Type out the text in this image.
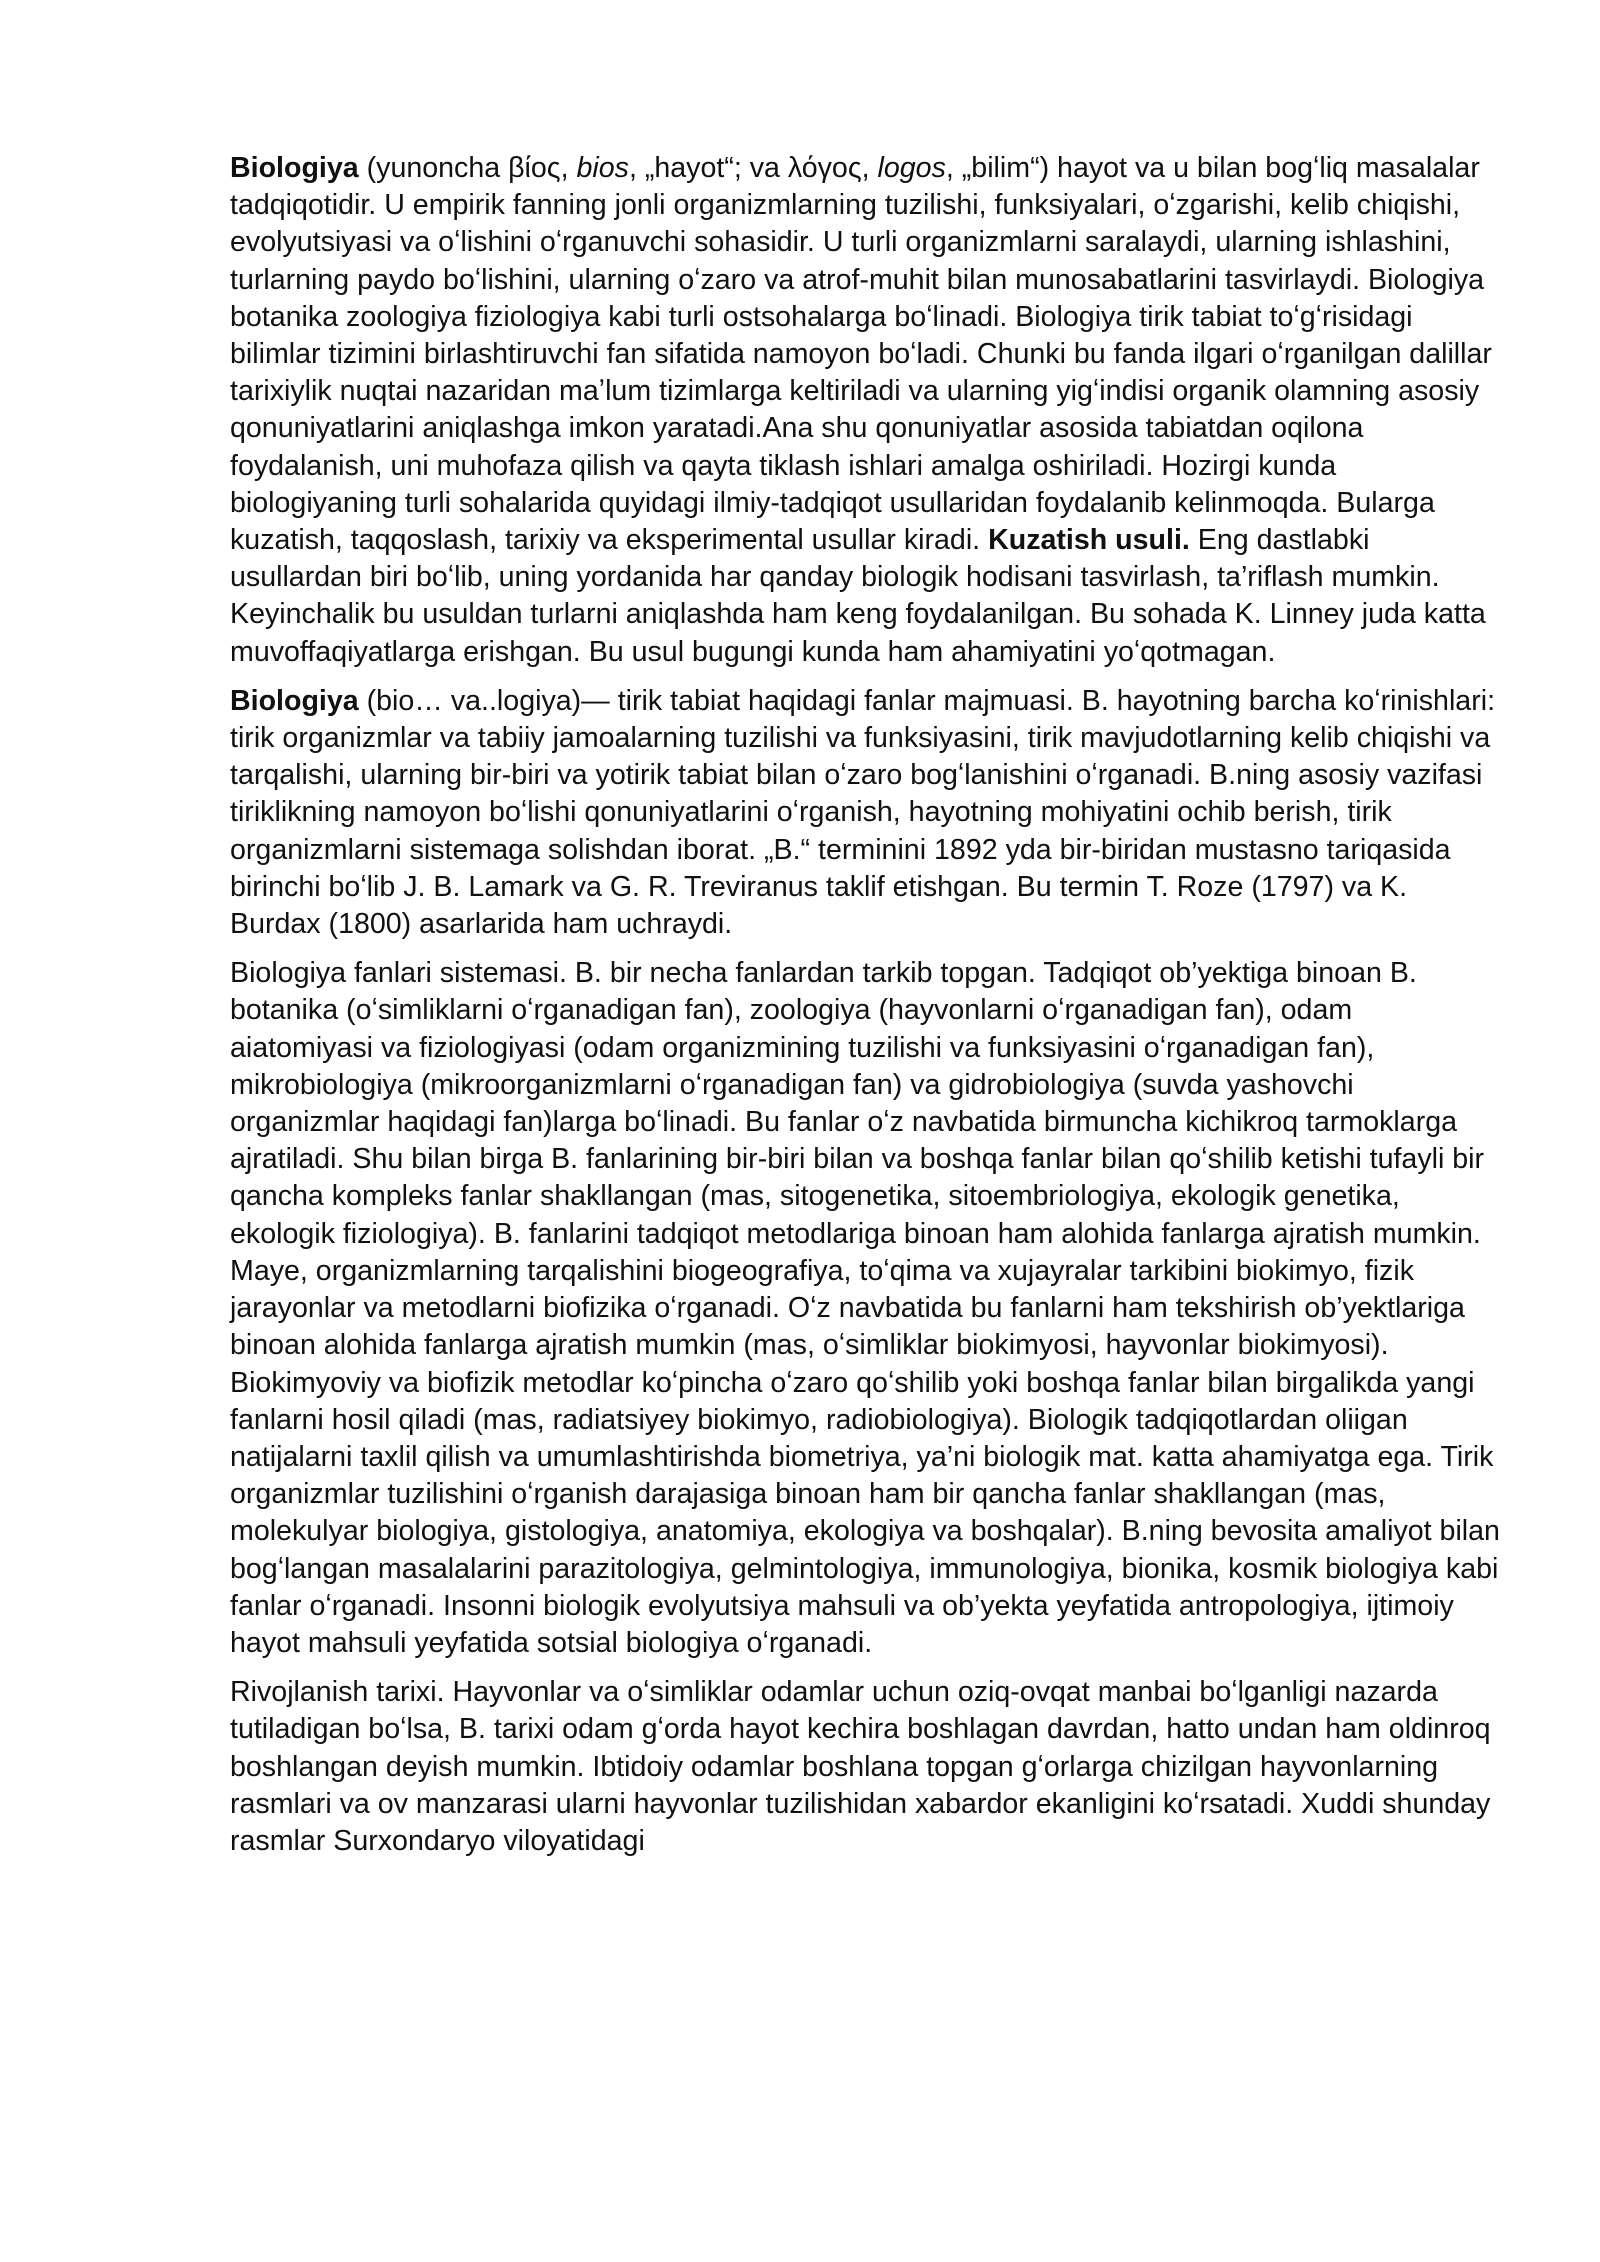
Biologiya (yunoncha βίος, bios, „hayot“; va λόγος, logos, „bilim“) hayot va u bilan bogʻliq masalalar tadqiqotidir. U empirik fanning jonli organizmlarning tuzilishi, funksiyalari, oʻzgarishi, kelib chiqishi, evolyutsiyasi va oʻlishini oʻrganuvchi sohasidir. U turli organizmlarni saralaydi, ularning ishlashini, turlarning paydo boʻlishini, ularning oʻzaro va atrof-muhit bilan munosabatlarini tasvirlaydi. Biologiya botanika zoologiya fiziologiya kabi turli ostsohalarga boʻlinadi. Biologiya tirik tabiat toʻgʻrisidagi bilimlar tizimini birlashtiruvchi fan sifatida namoyon boʻladi. Chunki bu fanda ilgari oʻrganilgan dalillar tarixiylik nuqtai nazaridan maʼlum tizimlarga keltiriladi va ularning yigʻindisi organik olamning asosiy qonuniyatlarini aniqlashga imkon yaratadi.Ana shu qonuniyatlar asosida tabiatdan oqilona foydalanish, uni muhofaza qilish va qayta tiklash ishlari amalga oshiriladi. Hozirgi kunda biologiyaning turli sohalarida quyidagi ilmiy-tadqiqot usullaridan foydalanib kelinmoqda. Bularga kuzatish, taqqoslash, tarixiy va eksperimental usullar kiradi. Kuzatish usuli. Eng dastlabki usullardan biri boʻlib, uning yordanida har qanday biologik hodisani tasvirlash, ta’riflash mumkin. Keyinchalik bu usuldan turlarni aniqlashda ham keng foydalanilgan. Bu sohada K. Linney juda katta muvoffaqiyatlarga erishgan. Bu usul bugungi kunda ham ahamiyatini yoʻqotmagan.

Biologiya (bio… va..logiya)— tirik tabiat haqidagi fanlar majmuasi. B. hayotning barcha koʻrinishlari: tirik organizmlar va tabiiy jamoalarning tuzilishi va funksiyasini, tirik mavjudotlarning kelib chiqishi va tarqalishi, ularning bir-biri va yotirik tabiat bilan oʻzaro bogʻlanishini oʻrganadi. B.ning asosiy vazifasi tiriklikning namoyon boʻlishi qonuniyatlarini oʻrganish, hayotning mohiyatini ochib berish, tirik organizmlarni sistemaga solishdan iborat. „B.“ terminini 1892 yda bir-biridan mustasno tariqasida birinchi boʻlib J. B. Lamark va G. R. Treviranus taklif etishgan. Bu termin T. Roze (1797) va K. Burdax (1800) asarlarida ham uchraydi.

Biologiya fanlari sistemasi. B. bir necha fanlardan tarkib topgan. Tadqiqot ob’yektiga binoan B. botanika (oʻsimliklarni oʻrganadigan fan), zoologiya (hayvonlarni oʻrganadigan fan), odam aiatomiyasi va fiziologiyasi (odam organizmining tuzilishi va funksiyasini oʻrganadigan fan), mikrobiologiya (mikroorganizmlarni oʻrganadigan fan) va gidrobiologiya (suvda yashovchi organizmlar haqidagi fan)larga boʻlinadi. Bu fanlar oʻz navbatida birmuncha kichikroq tarmoklarga ajratiladi. Shu bilan birga B. fanlarining bir-biri bilan va boshqa fanlar bilan qoʻshilib ketishi tufayli bir qancha kompleks fanlar shakllangan (mas, sitogenetika, sitoembriologiya, ekologik genetika, ekologik fiziologiya). B. fanlarini tadqiqot metodlariga binoan ham alohida fanlarga ajratish mumkin. Maye, organizmlarning tarqalishini biogeografiya, toʻqima va xujayralar tarkibini biokimyo, fizik jarayonlar va metodlarni biofizika oʻrganadi. Oʻz navbatida bu fanlarni ham tekshirish ob’yektlariga binoan alohida fanlarga ajratish mumkin (mas, oʻsimliklar biokimyosi, hayvonlar biokimyosi). Biokimyoviy va biofizik metodlar koʻpincha oʻzaro qoʻshilib yoki boshqa fanlar bilan birgalikda yangi fanlarni hosil qiladi (mas, radiatsiyey biokimyo, radiobiologiya). Biologik tadqiqotlardan oliigan natijalarni taxlil qilish va umumlashtirishda biometriya, ya’ni biologik mat. katta ahamiyatga ega. Tirik organizmlar tuzilishini oʻrganish darajasiga binoan ham bir qancha fanlar shakllangan (mas, molekulyar biologiya, gistologiya, anatomiya, ekologiya va boshqalar). B.ning bevosita amaliyot bilan bogʻlangan masalalarini parazitologiya, gelmintologiya, immunologiya, bionika, kosmik biologiya kabi fanlar oʻrganadi. Insonni biologik evolyutsiya mahsuli va ob’yekta yeyfatida antropologiya, ijtimoiy hayot mahsuli yeyfatida sotsial biologiya oʻrganadi.

Rivojlanish tarixi. Hayvonlar va oʻsimliklar odamlar uchun oziq-ovqat manbai boʻlganligi nazarda tutiladigan boʻlsa, B. tarixi odam gʻorda hayot kechira boshlagan davrdan, hatto undan ham oldinroq boshlangan deyish mumkin. Ibtidoiy odamlar boshlana topgan gʻorlarga chizilgan hayvonlarning rasmlari va ov manzarasi ularni hayvonlar tuzilishidan xabardor ekanligini koʻrsatadi. Xuddi shunday rasmlar Surxondaryo viloyatidagi
